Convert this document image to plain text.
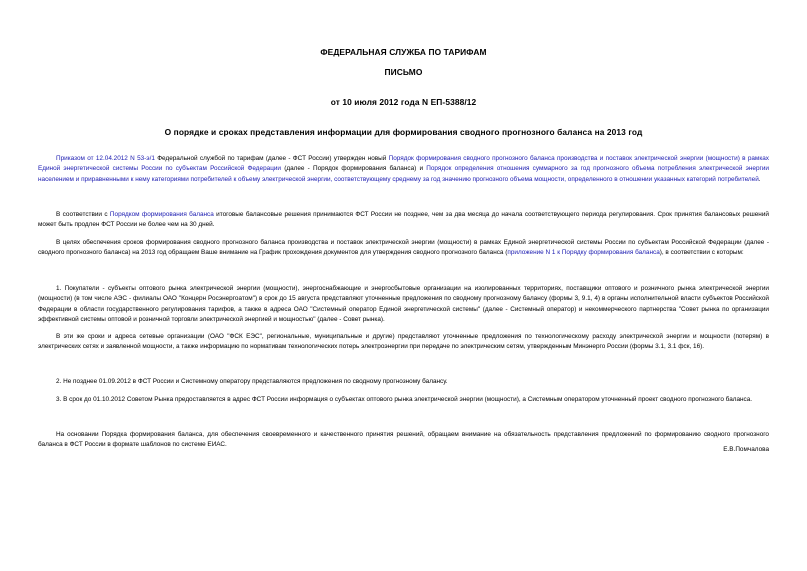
ФЕДЕРАЛЬНАЯ СЛУЖБА ПО ТАРИФАМ
ПИСЬМО
от 10 июля 2012 года N ЕП-5388/12
О порядке и сроках представления информации для формирования сводного прогнозного баланса на 2013 год
Приказом от 12.04.2012 N 53-э/1 Федеральной службой по тарифам (далее - ФСТ России) утвержден новый Порядок формирования сводного прогнозного баланса производства и поставок электрической энергии (мощности) в рамках Единой энергетической системы России по субъектам Российской Федерации (далее - Порядок формирования баланса) и Порядок определения отношения суммарного за год прогнозного объема потребления электрической энергии населением и приравненными к нему категориями потребителей к объему электрической энергии, соответствующему среднему за год значению прогнозного объема мощности, определенного в отношении указанных категорий потребителей.
В соответствии с Порядком формирования баланса итоговые балансовые решения принимаются ФСТ России не позднее, чем за два месяца до начала соответствующего периода регулирования. Срок принятия балансовых решений может быть продлен ФСТ России не более чем на 30 дней.
В целях обеспечения сроков формирования сводного прогнозного баланса производства и поставок электрической энергии (мощности) в рамках Единой энергетической системы России по субъектам Российской Федерации (далее - сводного прогнозного баланса) на 2013 год обращаем Ваше внимание на График прохождения документов для утверждения сводного прогнозного баланса (приложение N 1 к Порядку формирования баланса), в соответствии с которым:
1. Покупатели - субъекты оптового рынка электрической энергии (мощности), энергоснабжающие и энергосбытовые организации на изолированных территориях, поставщики оптового и розничного рынка электрической энергии (мощности) (в том числе АЭС - филиалы ОАО "Концерн Росэнергоатом") в срок до 15 августа представляют уточненные предложения по сводному прогнозному балансу (формы 3, 9.1, 4) в органы исполнительной власти субъектов Российской Федерации в области государственного регулирования тарифов, а также в адреса ОАО "Системный оператор Единой энергетической системы" (далее - Системный оператор) и некоммерческого партнерства "Совет рынка по организации эффективной системы оптовой и розничной торговли электрической энергией и мощностью" (далее - Совет рынка).
В эти же сроки и адреса сетевые организации (ОАО "ФСК ЕЭС", региональные, муниципальные и другие) представляют уточненные предложения по технологическому расходу электрической энергии и мощности (потерям) в электрических сетях и заявленной мощности, а также информацию по нормативам технологических потерь электроэнергии при передаче по электрическим сетям, утвержденным Минэнерго России (формы 3.1, 3.1 фск, 16).
2. Не позднее 01.09.2012 в ФСТ России и Системному оператору представляются предложения по сводному прогнозному балансу.
3. В срок до 01.10.2012 Советом Рынка предоставляется в адрес ФСТ России информация о субъектах оптового рынка электрической энергии (мощности), а Системным оператором уточненный проект сводного прогнозного баланса.
На основании Порядка формирования баланса, для обеспечения своевременного и качественного принятия решений, обращаем внимание на обязательность представления предложений по формированию сводного прогнозного баланса в ФСТ России в формате шаблонов по системе ЕИАС.
Е.В.Помчалова
